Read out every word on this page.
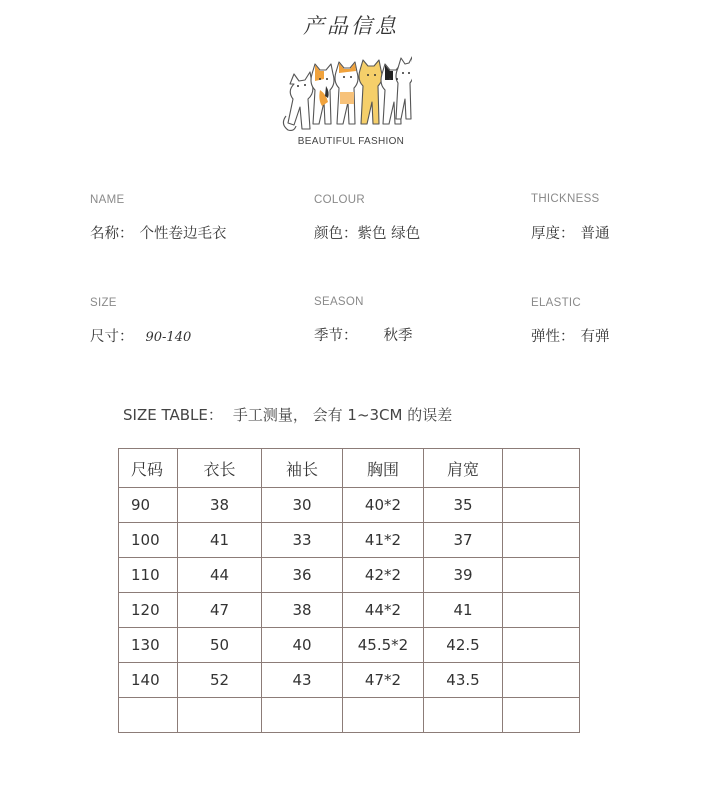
产品信息
BEAUTIFUL FASHION
NAME
名称： 个性卷边毛衣
COLOUR
颜色：紫色 绿色
THICKNESS
厚度： 普通
SIZE
尺寸： 90-140
SEASON
季节： 秋季
ELASTIC
弹性： 有弹
SIZE TABLE： 手工测量， 会有 1~3CM 的误差
尺码	衣长	袖长	胸围	肩宽	
90	38	30	40*2	35	
100	41	33	41*2	37	
110	44	36	42*2	39	
120	47	38	44*2	41	
130	50	40	45.5*2	42.5	
140	52	43	47*2	43.5	
